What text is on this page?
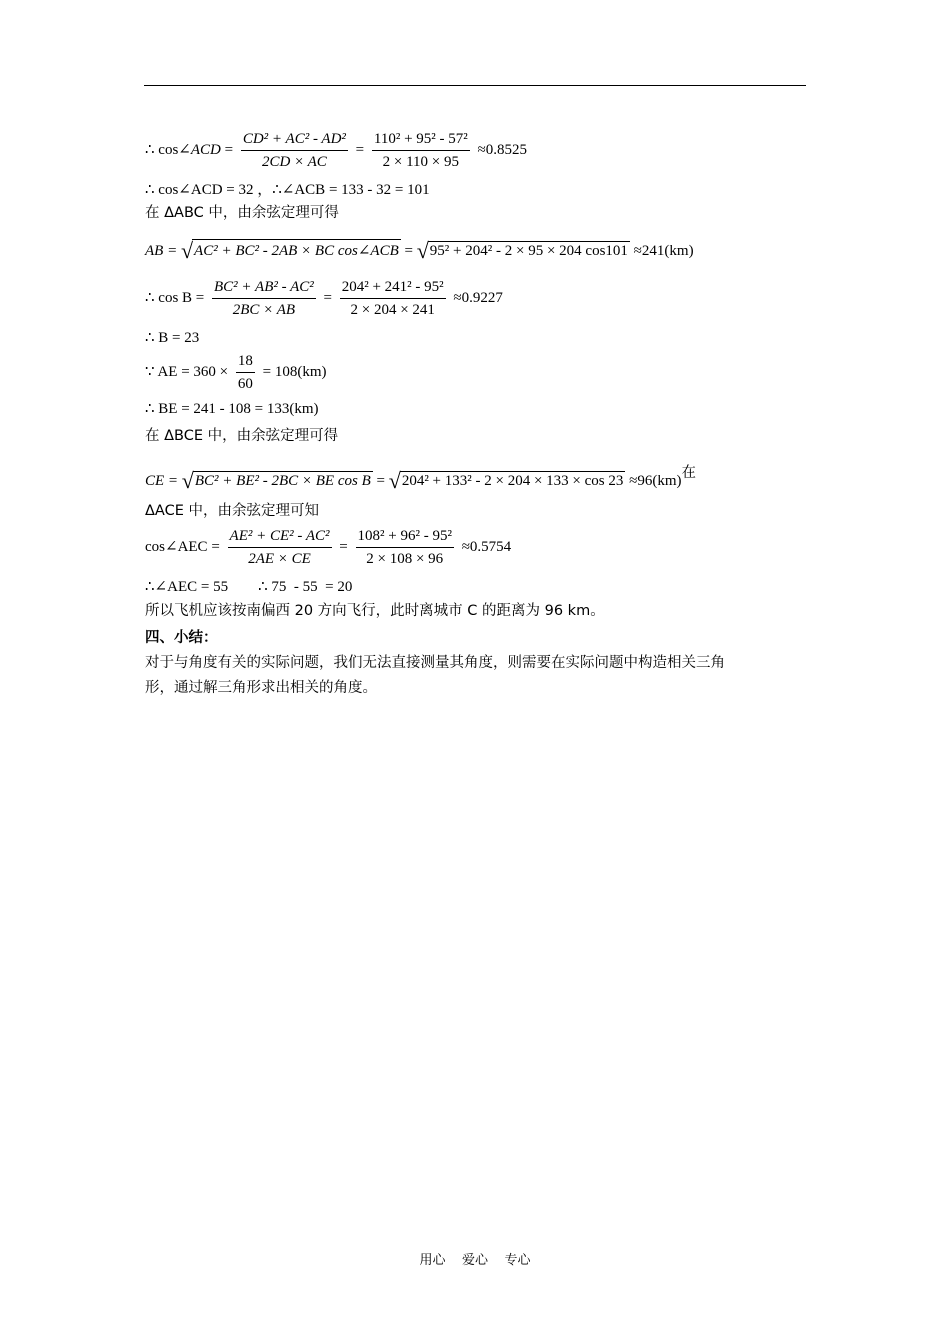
∴ cos∠ACD = $\frac{\text{CD² + AC² - AD²}}{2CD \times AC} = \frac{\text{110² + 95² - 57²}}{2 \times 110 \times 95} \approx 0.8525$
∴ cos∠ACD = 32 ，∴∠ACB = 133 - 32 = 101
在 ΔABC 中，由余弦定理可得
AB = √AC² + BC² - 2AB × BC cos∠ACB = √95² + 204² - 2 × 95 × 204 cos101 ≈241(km)
∴ $\cos B = \frac{\text{BC² + AB² - AC²}}{2BC \times AB} = \frac{\text{204² + 241² - 95²}}{2 \times 204 \times 241} \approx 0.9227$
∴ B = 23
∵ AE = $360 \times \frac{18}{60} = 108(km)$
∴ BE = 241 - 108 = 133(km)
在 ΔBCE 中，由余弦定理可得
CE = √BC² + BE² - 2BC × BE cos B = √204² + 133² - 2 × 204 × 133 × cos 23 ≈96(km)在
ΔACE 中，由余弦定理可知
cos∠AEC = $\frac{\text{AE² + CE² - AC²}}{2AE \times CE} = \frac{\text{108² + 96² - 95²}}{2 \times 108 \times 96} \approx 0.5754$
∴∠AEC = 55        ∴ 75  - 55  = 20
所以飞机应该按南偏西 20 方向飞行，此时离城市 C 的距离为 96 km。
四、小结：
对于与角度有关的实际问题，我们无法直接测量其角度，则需要在实际问题中构造相关三角
形，通过解三角形求出相关的角度。
用心    爱心    专心
